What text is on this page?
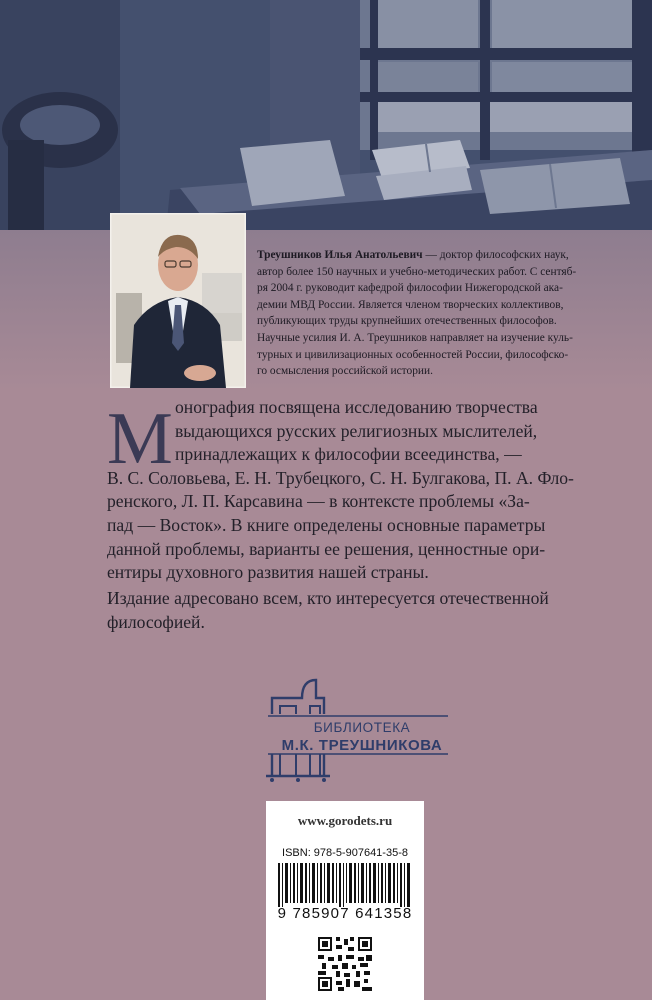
Треушников Илья Анатольевич — доктор философских наук,
автор более 150 научных и учебно-методических работ. С сентяб-
ря 2004 г. руководит кафедрой философии Нижегородской ака-
демии МВД России. Является членом творческих коллективов,
публикующих труды крупнейших отечественных философов.
Научные усилия И. А. Треушников направляет на изучение куль-
турных и цивилизационных особенностей России, философско-
го осмысления российской истории.
М онография посвящена исследованию творчества
выдающихся русских религиозных мыслителей,
принадлежащих к философии всеединства, —
В. С. Соловьева, Е. Н. Трубецкого, С. Н. Булгакова, П. А. Фло-
ренского, Л. П. Карсавина — в контексте проблемы «За-
пад — Восток». В книге определены основные параметры
данной проблемы, варианты ее решения, ценностные ори-
ентиры духовного развития нашей страны.
Издание адресовано всем, кто интересуется отечественной
философией.
БИБЛИОТЕКА
М.К. ТРЕУШНИКОВА
www.gorodets.ru
ISBN: 978-5-907641-35-8
9 785907 641358
